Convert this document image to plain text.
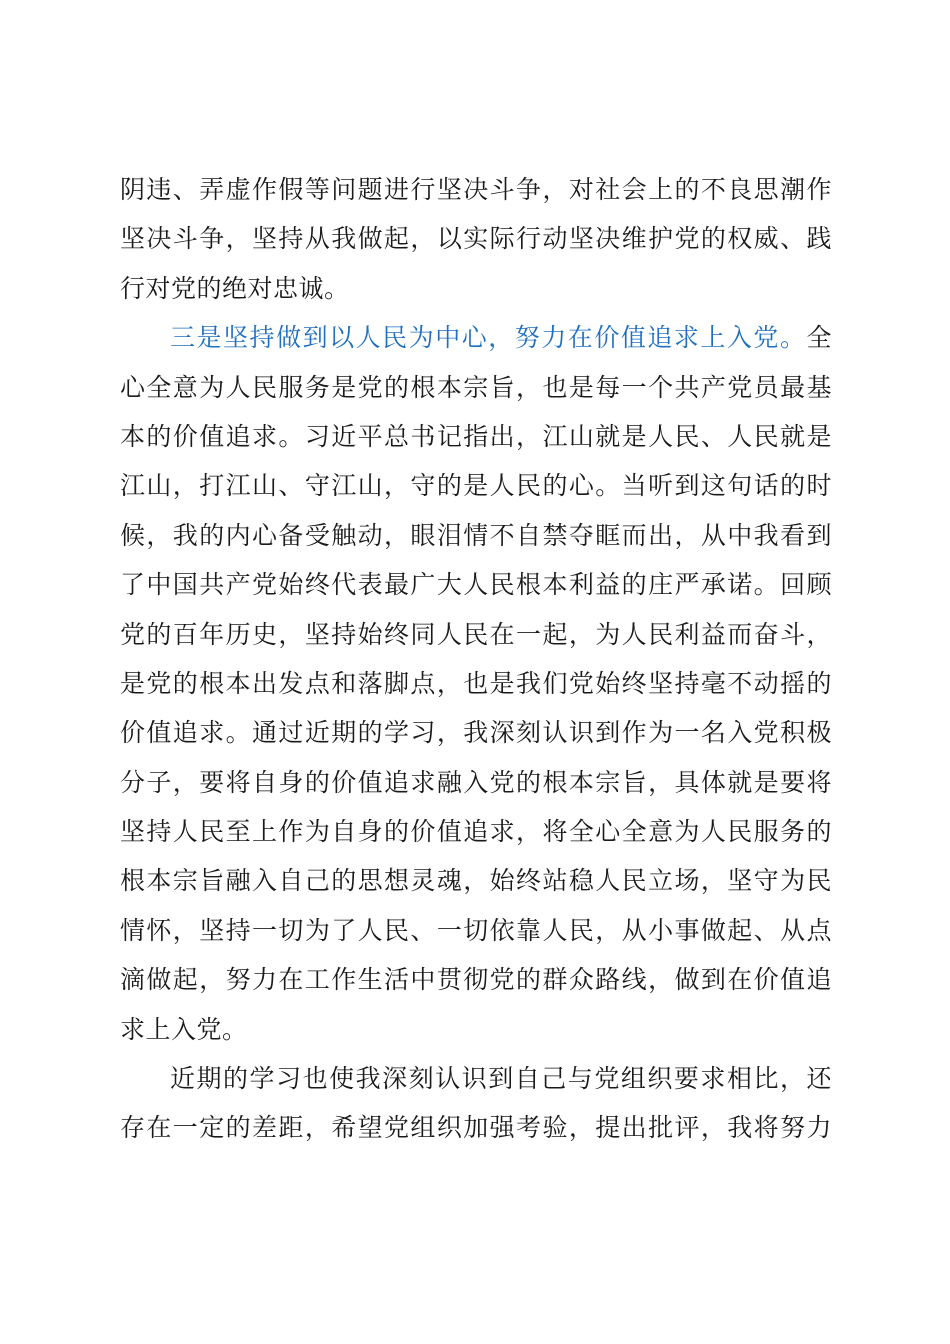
阴违、弄虚作假等问题进行坚决斗争，对社会上的不良思潮作
坚决斗争，坚持从我做起，以实际行动坚决维护党的权威、践
行对党的绝对忠诚。
三是坚持做到以人民为中心，努力在价值追求上入党。全
心全意为人民服务是党的根本宗旨，也是每一个共产党员最基
本的价值追求。习近平总书记指出，江山就是人民、人民就是
江山，打江山、守江山，守的是人民的心。当听到这句话的时
候，我的内心备受触动，眼泪情不自禁夺眶而出，从中我看到
了中国共产党始终代表最广大人民根本利益的庄严承诺。回顾
党的百年历史，坚持始终同人民在一起，为人民利益而奋斗，
是党的根本出发点和落脚点，也是我们党始终坚持毫不动摇的
价值追求。通过近期的学习，我深刻认识到作为一名入党积极
分子，要将自身的价值追求融入党的根本宗旨，具体就是要将
坚持人民至上作为自身的价值追求，将全心全意为人民服务的
根本宗旨融入自己的思想灵魂，始终站稳人民立场，坚守为民
情怀，坚持一切为了人民、一切依靠人民，从小事做起、从点
滴做起，努力在工作生活中贯彻党的群众路线，做到在价值追
求上入党。
近期的学习也使我深刻认识到自己与党组织要求相比，还
存在一定的差距，希望党组织加强考验，提出批评，我将努力
